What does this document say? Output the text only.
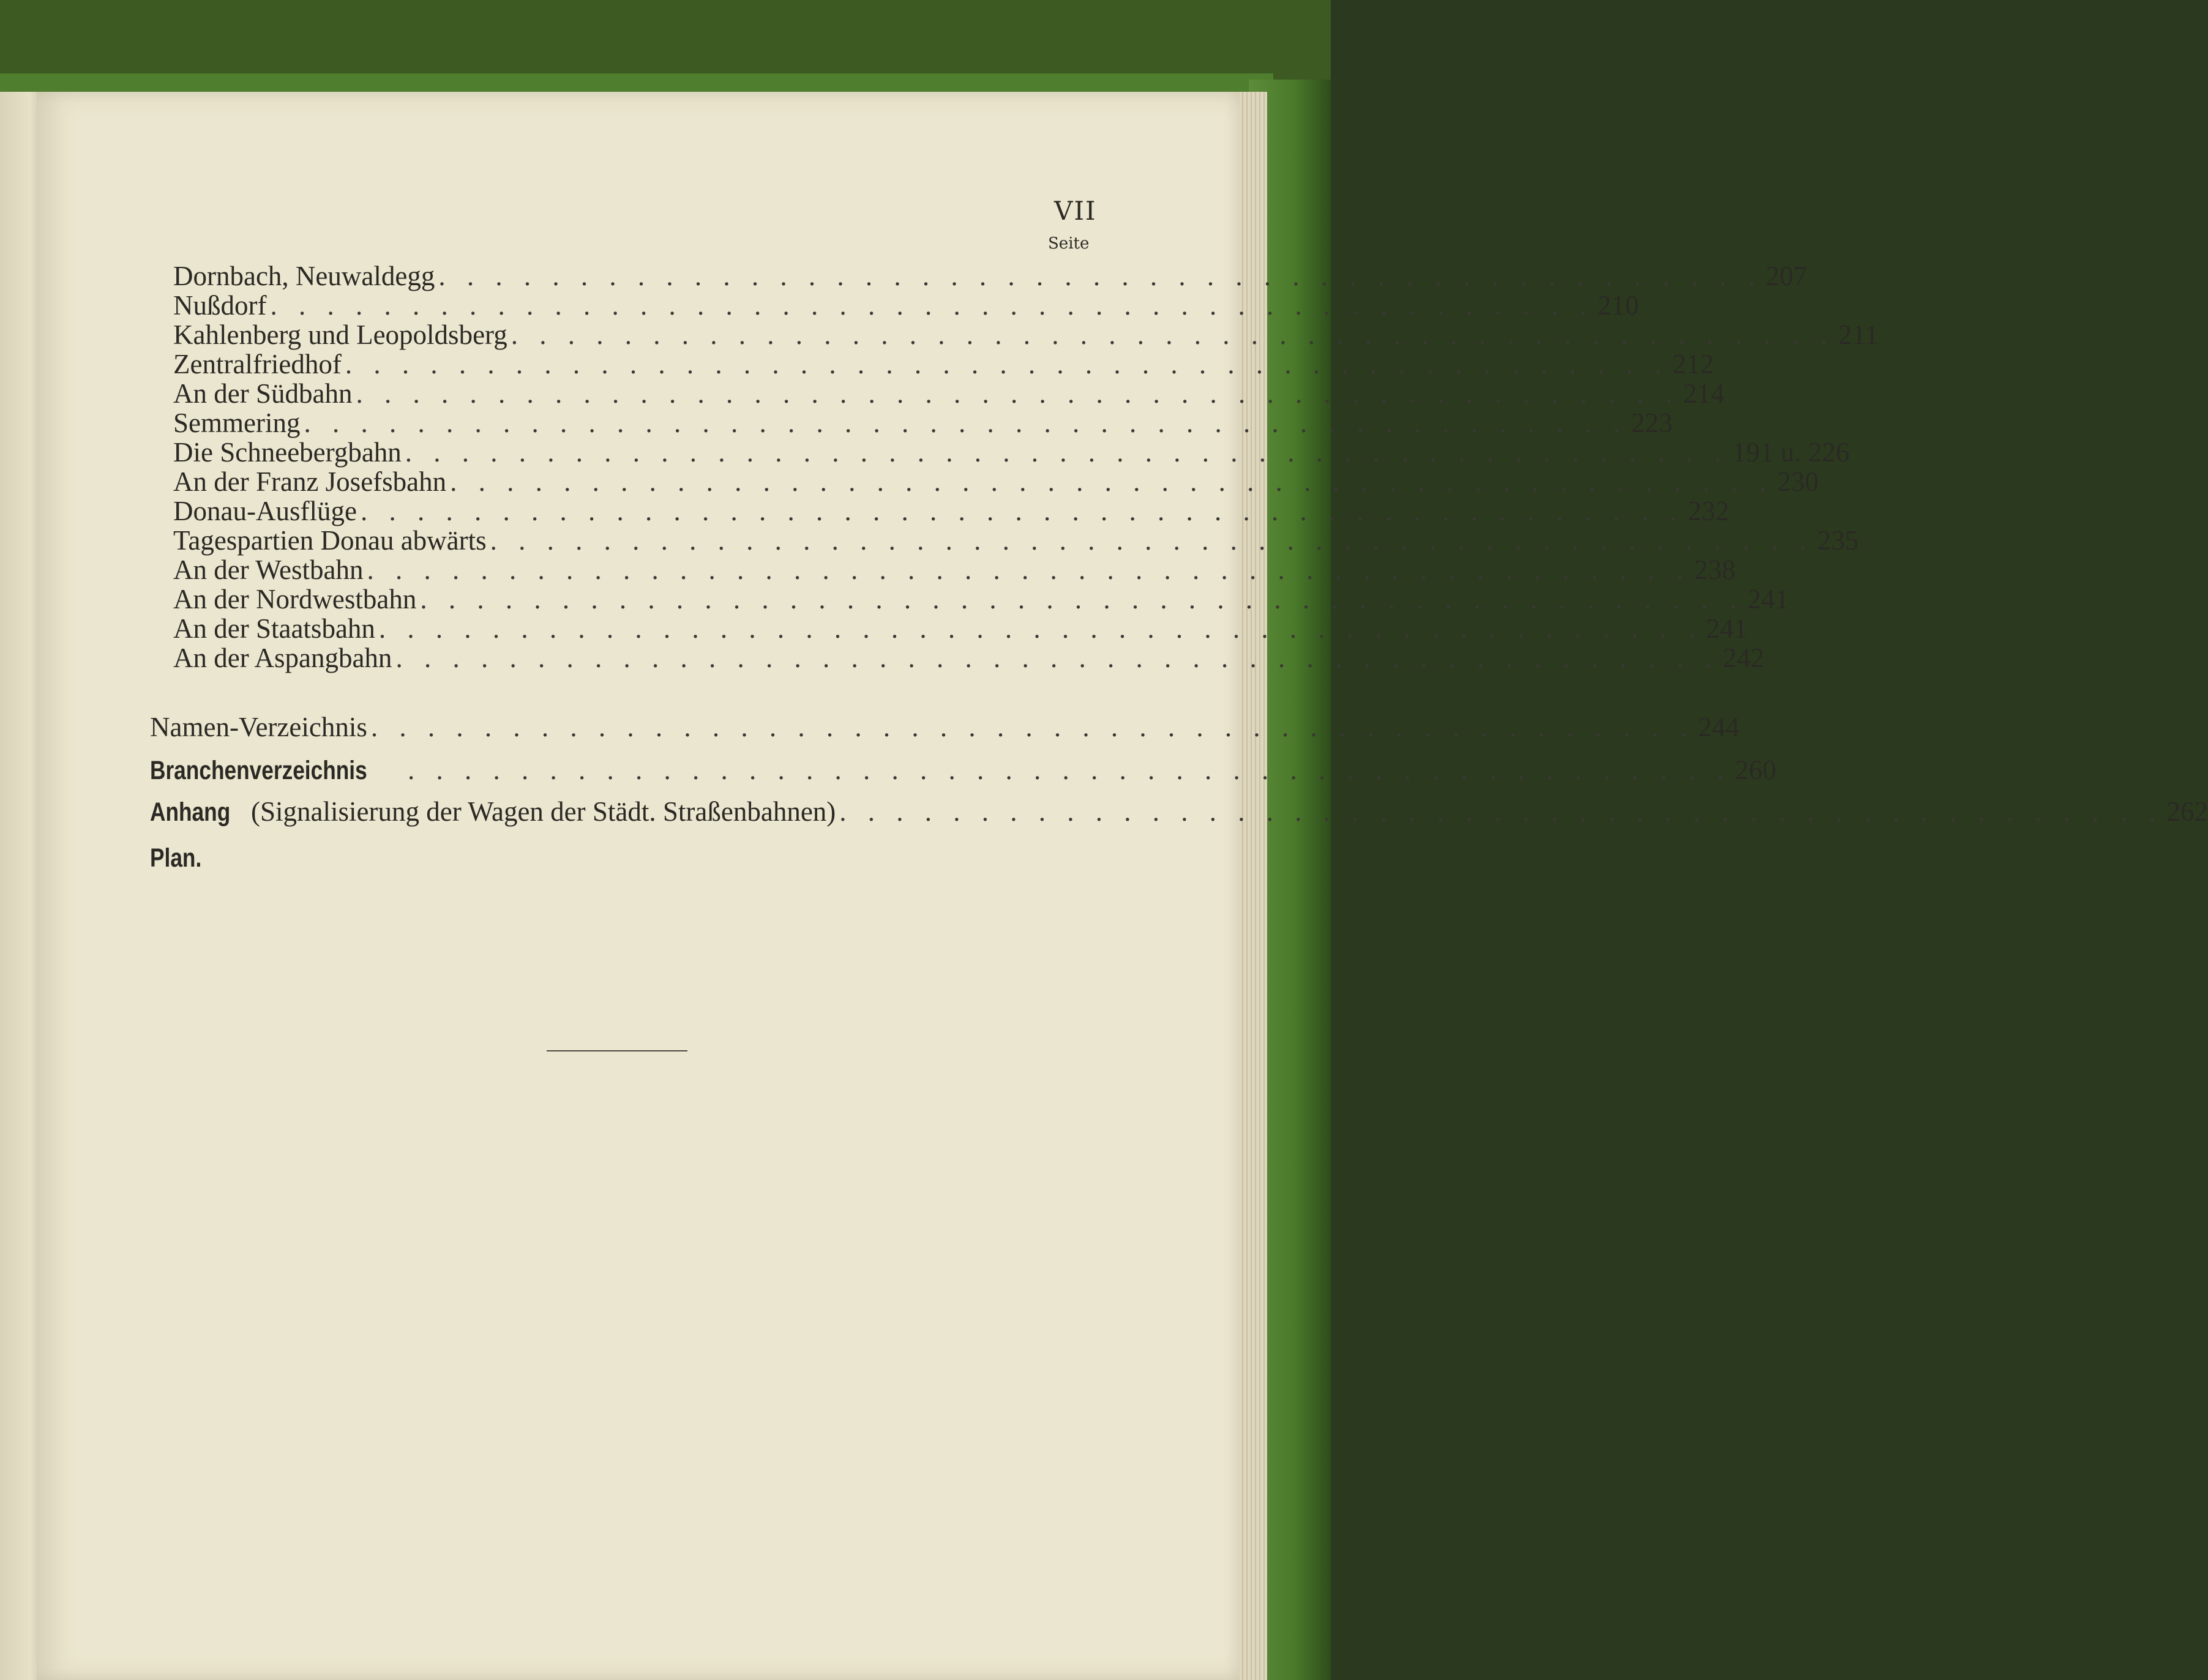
VII
Seite
Dornbach, Neuwaldegg . . . . . . . . . . . . . . . . . . . . . . . . . . . . . . . . . . . . . . . . . . . . . . . 207
Nußdorf . . . . . . . . . . . . . . . . . . . . . . . . . . . . . . . . . . . . . . . . . . . . . . . 210
Kahlenberg und Leopoldsberg . . . . . . . . . . . . . . . . . . . . . . . . . . . . . . . . . . . . . . . . . . . . . . . 211
Zentralfriedhof . . . . . . . . . . . . . . . . . . . . . . . . . . . . . . . . . . . . . . . . . . . . . . . 212
An der Südbahn . . . . . . . . . . . . . . . . . . . . . . . . . . . . . . . . . . . . . . . . . . . . . . . 214
Semmering . . . . . . . . . . . . . . . . . . . . . . . . . . . . . . . . . . . . . . . . . . . . . . . 223
Die Schneebergbahn . . . . . . . . . . . . . . . . . . . . . . . . . . . . . . . . . . . . . . . . . . . . . . . 191 u. 226
An der Franz Josefsbahn . . . . . . . . . . . . . . . . . . . . . . . . . . . . . . . . . . . . . . . . . . . . . . . 230
Donau-Ausflüge . . . . . . . . . . . . . . . . . . . . . . . . . . . . . . . . . . . . . . . . . . . . . . . 232
Tagespartien Donau abwärts . . . . . . . . . . . . . . . . . . . . . . . . . . . . . . . . . . . . . . . . . . . . . . . 235
An der Westbahn . . . . . . . . . . . . . . . . . . . . . . . . . . . . . . . . . . . . . . . . . . . . . . . 238
An der Nordwestbahn . . . . . . . . . . . . . . . . . . . . . . . . . . . . . . . . . . . . . . . . . . . . . . . 241
An der Staatsbahn . . . . . . . . . . . . . . . . . . . . . . . . . . . . . . . . . . . . . . . . . . . . . . . 241
An der Aspangbahn . . . . . . . . . . . . . . . . . . . . . . . . . . . . . . . . . . . . . . . . . . . . . . . 242
Namen-Verzeichnis . . . . . . . . . . . . . . . . . . . . . . . . . . . . . . . . . . . . . . . . . . . . . . . 244
Branchenverzeichnis	. . . . . . . . . . . . . . . . . . . . . . . . . . . . . . . . . . . . . . . . . . . . . . . 260
Anhang (Signalisierung der Wagen der Städt. Straßenbahnen) . . . . . . . . . . . . . . . . . . . . . . . . . . . . . . . . . . . . . . . . . . . . . . . 262
Plan.
